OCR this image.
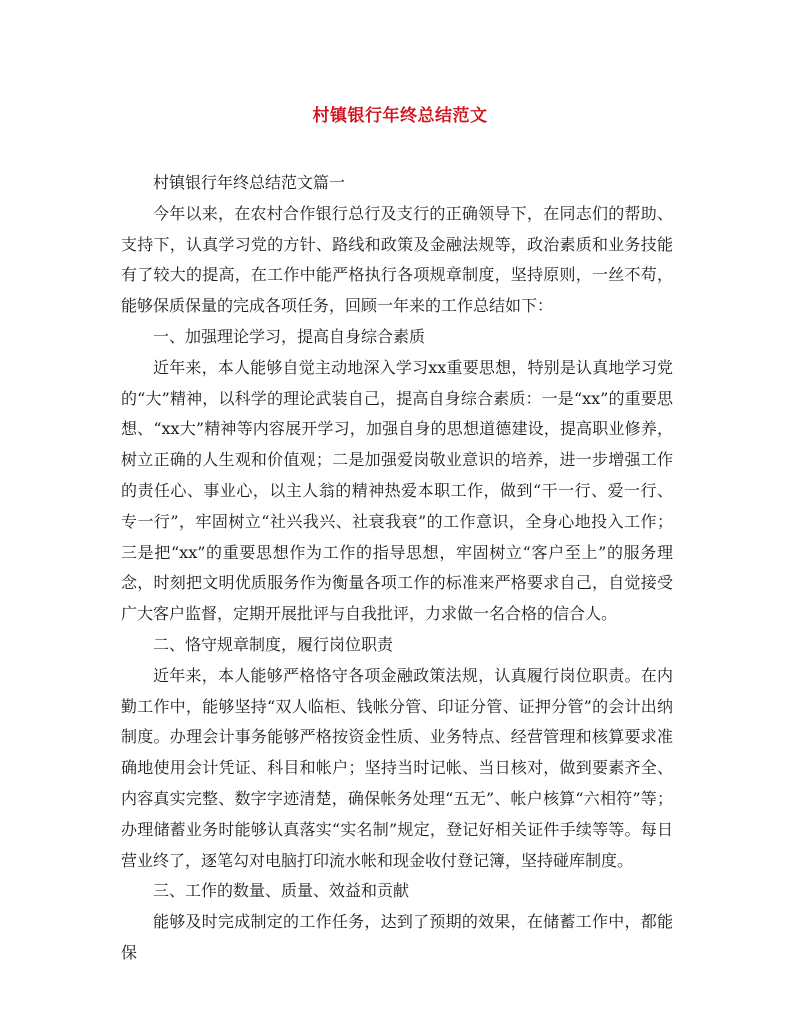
村镇银行年终总结范文

村镇银行年终总结范文篇一

今年以来，在农村合作银行总行及支行的正确领导下，在同志们的帮助、支持下，认真学习党的方针、路线和政策及金融法规等，政治素质和业务技能有了较大的提高，在工作中能严格执行各项规章制度，坚持原则，一丝不苟，能够保质保量的完成各项任务，回顾一年来的工作总结如下：

一、加强理论学习，提高自身综合素质

近年来，本人能够自觉主动地深入学习xx重要思想，特别是认真地学习党的“大”精神，以科学的理论武装自己，提高自身综合素质：一是“xx”的重要思想、“xx大”精神等内容展开学习，加强自身的思想道德建设，提高职业修养，树立正确的人生观和价值观；二是加强爱岗敬业意识的培养，进一步增强工作的责任心、事业心，以主人翁的精神热爱本职工作，做到“干一行、爱一行、专一行”，牢固树立“社兴我兴、社衰我衰”的工作意识，全身心地投入工作；三是把“xx”的重要思想作为工作的指导思想，牢固树立“客户至上”的服务理念，时刻把文明优质服务作为衡量各项工作的标准来严格要求自己，自觉接受广大客户监督，定期开展批评与自我批评，力求做一名合格的信合人。

二、恪守规章制度，履行岗位职责

近年来，本人能够严格恪守各项金融政策法规，认真履行岗位职责。在内勤工作中，能够坚持“双人临柜、钱帐分管、印证分管、证押分管”的会计出纳制度。办理会计事务能够严格按资金性质、业务特点、经营管理和核算要求准确地使用会计凭证、科目和帐户；坚持当时记帐、当日核对，做到要素齐全、内容真实完整、数字字迹清楚，确保帐务处理“五无”、帐户核算“六相符”等；办理储蓄业务时能够认真落实“实名制”规定，登记好相关证件手续等等。每日营业终了，逐笔勾对电脑打印流水帐和现金收付登记簿，坚持碰库制度。

三、工作的数量、质量、效益和贡献

能够及时完成制定的工作任务，达到了预期的效果，在储蓄工作中，都能保
